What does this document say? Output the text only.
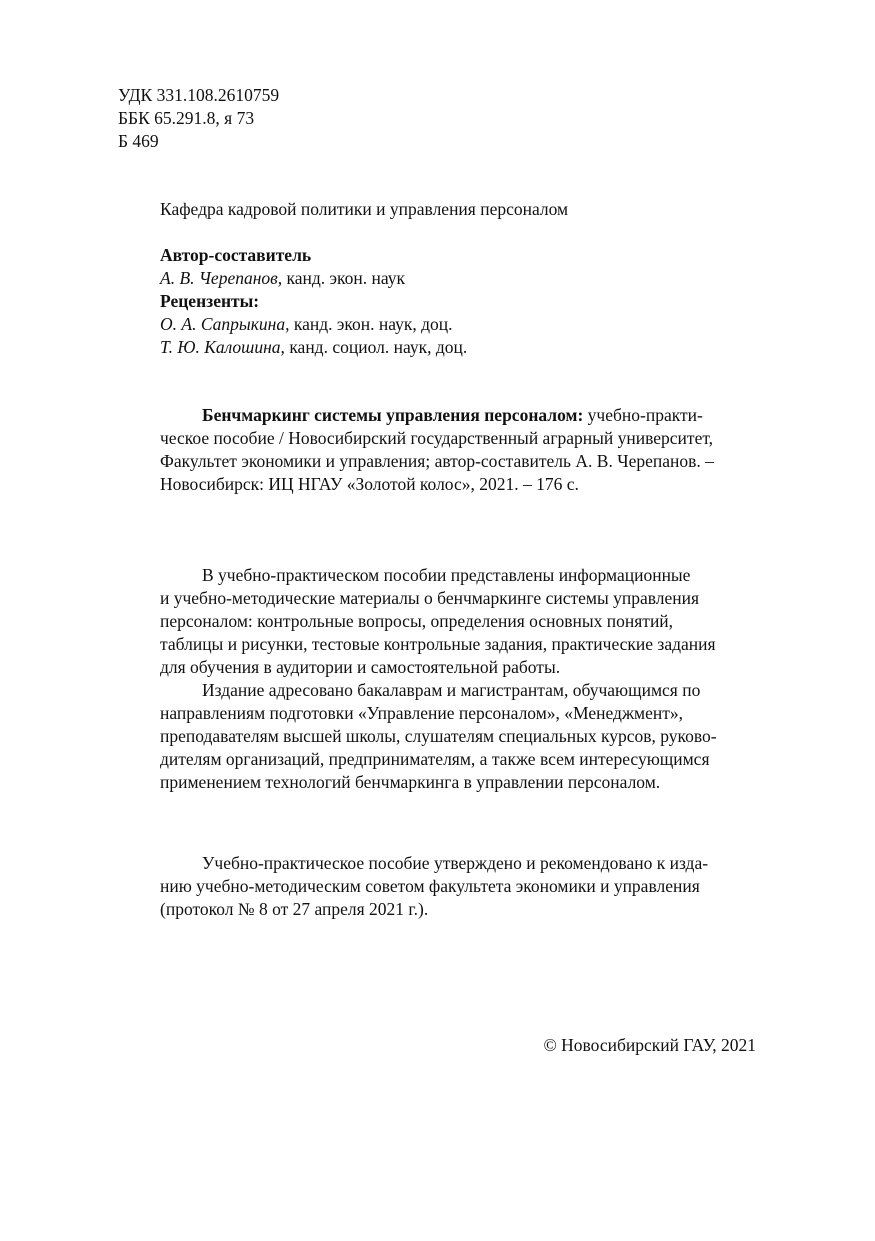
УДК 331.108.2610759
ББК 65.291.8, я 73
Б 469
Кафедра кадровой политики и управления персоналом
Автор-составитель
А. В. Черепанов, канд. экон. наук
Рецензенты:
О. А. Сапрыкина, канд. экон. наук, доц.
Т. Ю. Калошина, канд. социол. наук, доц.
Бенчмаркинг системы управления персоналом: учебно-практи-
ческое пособие / Новосибирский государственный аграрный университет,
Факультет экономики и управления; автор-составитель А. В. Черепанов. –
Новосибирск: ИЦ НГАУ «Золотой колос», 2021. – 176 с.
В учебно-практическом пособии представлены информационные
и учебно-методические материалы о бенчмаркинге системы управления
персоналом: контрольные вопросы, определения основных понятий,
таблицы и рисунки, тестовые контрольные задания, практические задания
для обучения в аудитории и самостоятельной работы.
Издание адресовано бакалаврам и магистрантам, обучающимся по
направлениям подготовки «Управление персоналом», «Менеджмент»,
преподавателям высшей школы, слушателям специальных курсов, руково-
дителям организаций, предпринимателям, а также всем интересующимся
применением технологий бенчмаркинга в управлении персоналом.
Учебно-практическое пособие утверждено и рекомендовано к изда-
нию учебно-методическим советом факультета экономики и управления
(протокол № 8 от 27 апреля 2021 г.).
© Новосибирский ГАУ, 2021
